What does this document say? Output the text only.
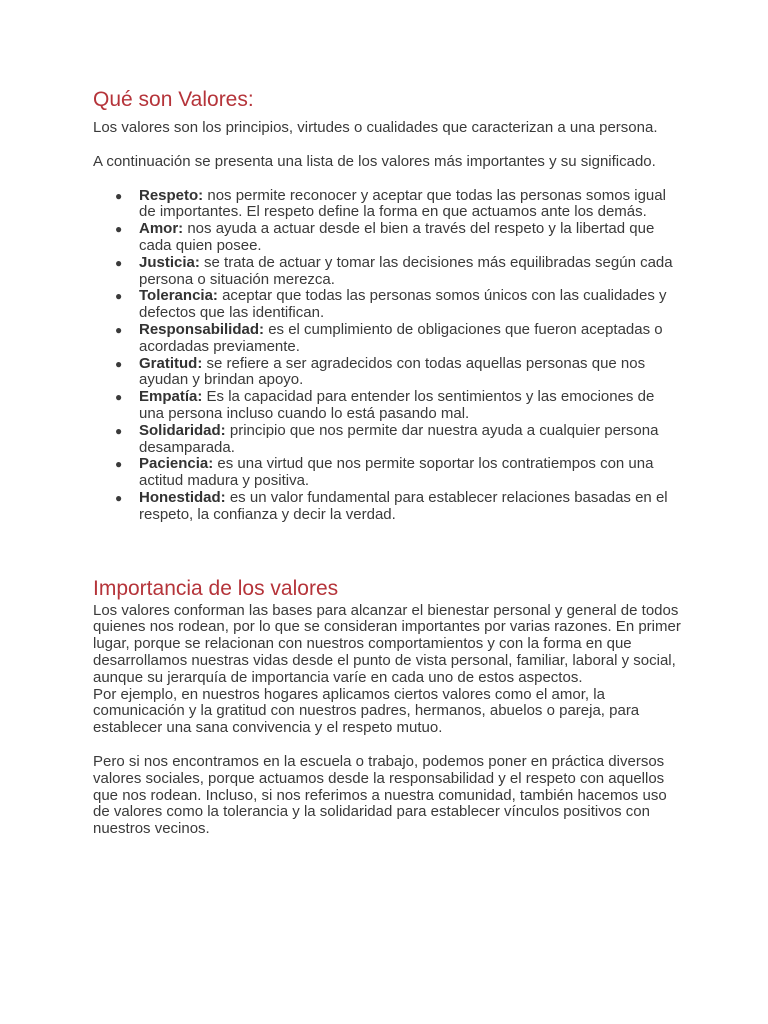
Qué son Valores:

Los valores son los principios, virtudes o cualidades que caracterizan a una persona.

A continuación se presenta una lista de los valores más importantes y su significado.

● Respeto: nos permite reconocer y aceptar que todas las personas somos igual de importantes. El respeto define la forma en que actuamos ante los demás.
● Amor: nos ayuda a actuar desde el bien a través del respeto y la libertad que cada quien posee.
● Justicia: se trata de actuar y tomar las decisiones más equilibradas según cada persona o situación merezca.
● Tolerancia: aceptar que todas las personas somos únicos con las cualidades y defectos que las identifican.
● Responsabilidad: es el cumplimiento de obligaciones que fueron aceptadas o acordadas previamente.
● Gratitud: se refiere a ser agradecidos con todas aquellas personas que nos ayudan y brindan apoyo.
● Empatía: Es la capacidad para entender los sentimientos y las emociones de una persona incluso cuando lo está pasando mal.
● Solidaridad: principio que nos permite dar nuestra ayuda a cualquier persona desamparada.
● Paciencia: es una virtud que nos permite soportar los contratiempos con una actitud madura y positiva.
● Honestidad: es un valor fundamental para establecer relaciones basadas en el respeto, la confianza y decir la verdad.
Importancia de los valores

Los valores conforman las bases para alcanzar el bienestar personal y general de todos quienes nos rodean, por lo que se consideran importantes por varias razones. En primer lugar, porque se relacionan con nuestros comportamientos y con la forma en que desarrollamos nuestras vidas desde el punto de vista personal, familiar, laboral y social, aunque su jerarquía de importancia varíe en cada uno de estos aspectos.

Por ejemplo, en nuestros hogares aplicamos ciertos valores como el amor, la comunicación y la gratitud con nuestros padres, hermanos, abuelos o pareja, para establecer una sana convivencia y el respeto mutuo.

Pero si nos encontramos en la escuela o trabajo, podemos poner en práctica diversos valores sociales, porque actuamos desde la responsabilidad y el respeto con aquellos que nos rodean. Incluso, si nos referimos a nuestra comunidad, también hacemos uso de valores como la tolerancia y la solidaridad para establecer vínculos positivos con nuestros vecinos.
